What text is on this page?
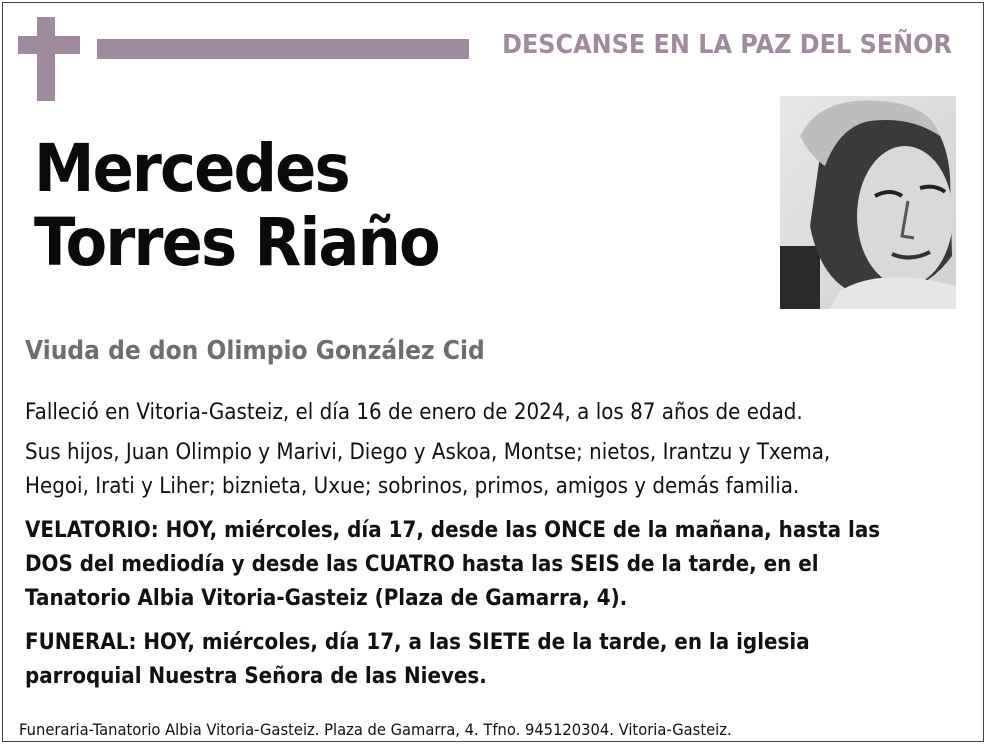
DESCANSE EN LA PAZ DEL SEÑOR
Mercedes
Torres Riaño
Viuda de don Olimpio González Cid
Falleció en Vitoria-Gasteiz, el día 16 de enero de 2024, a los 87 años de edad.
Sus hijos, Juan Olimpio y Marivi, Diego y Askoa, Montse; nietos, Irantzu y Txema, Hegoi, Irati y Liher; biznieta, Uxue; sobrinos, primos, amigos y demás familia.
VELATORIO: HOY, miércoles, día 17, desde las ONCE de la mañana, hasta las DOS del mediodía y desde las CUATRO hasta las SEIS de la tarde, en el Tanatorio Albia Vitoria-Gasteiz (Plaza de Gamarra, 4).
FUNERAL: HOY, miércoles, día 17, a las SIETE de la tarde, en la iglesia parroquial Nuestra Señora de las Nieves.
Funeraria-Tanatorio Albia Vitoria-Gasteiz. Plaza de Gamarra, 4. Tfno. 945120304. Vitoria-Gasteiz.
